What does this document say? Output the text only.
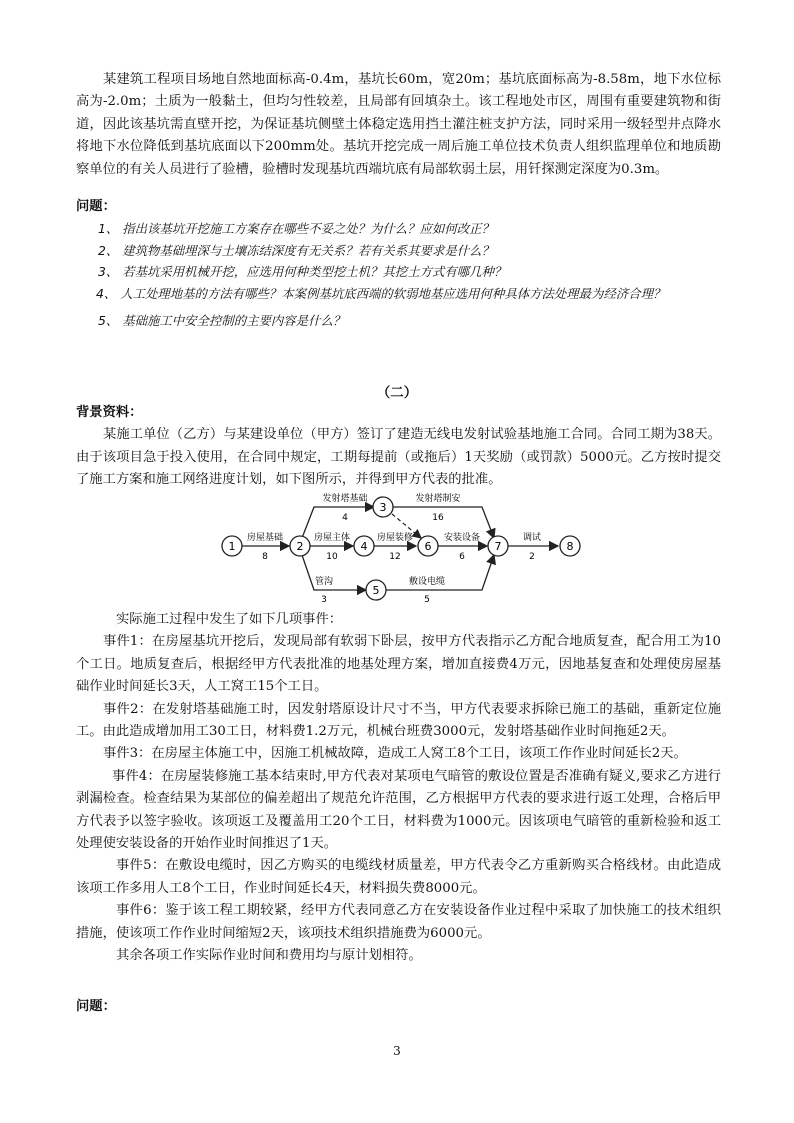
某建筑工程项目场地自然地面标高-0.4m，基坑长60m，宽20m；基坑底面标高为-8.58m，地下水位标高为-2.0m；土质为一般黏土，但均匀性较差，且局部有回填杂土。该工程地处市区，周围有重要建筑物和街道，因此该基坑需直壁开挖，为保证基坑侧壁土体稳定选用挡土灌注桩支护方法，同时采用一级轻型井点降水将地下水位降低到基坑底面以下200mm处。基坑开挖完成一周后施工单位技术负责人组织监理单位和地质勘察单位的有关人员进行了验槽，验槽时发现基坑西端坑底有局部软弱土层，用钎探测定深度为0.3m。

问题：

1、 指出该基坑开挖施工方案存在哪些不妥之处？为什么？应如何改正？

2、 建筑物基础埋深与土壤冻结深度有无关系？若有关系其要求是什么？

3、 若基坑采用机械开挖，应选用何种类型挖土机？其挖土方式有哪几种？

4、 人工处理地基的方法有哪些？本案例基坑底西端的软弱地基应选用何种具体方法处理最为经济合理？

5、 基础施工中安全控制的主要内容是什么？

（二）

背景资料：

某施工单位（乙方）与某建设单位（甲方）签订了建造无线电发射试验基地施工合同。合同工期为38天。由于该项目急于投入使用，在合同中规定，工期每提前（或拖后）1天奖励（或罚款）5000元。乙方按时提交了施工方案和施工网络进度计划，如下图所示，并得到甲方代表的批准。

1	2
3
4
5
6	7	8
房屋基础
8
发射塔基础
4
发射塔制安
16
房屋主体
10
房屋装修
12
安装设备
6
调试
2
管沟
3
敷设电缆
5

实际施工过程中发生了如下几项事件：

事件1：在房屋基坑开挖后，发现局部有软弱下卧层，按甲方代表指示乙方配合地质复查，配合用工为10个工日。地质复查后，根据经甲方代表批准的地基处理方案，增加直接费4万元，因地基复查和处理使房屋基础作业时间延长3天，人工窝工15个工日。

事件2：在发射塔基础施工时，因发射塔原设计尺寸不当，甲方代表要求拆除已施工的基础，重新定位施工。由此造成增加用工30工日，材料费1.2万元，机械台班费3000元，发射塔基础作业时间拖延2天。

事件3：在房屋主体施工中，因施工机械故障，造成工人窝工8个工日，该项工作作业时间延长2天。

事件4：在房屋装修施工基本结束时,甲方代表对某项电气暗管的敷设位置是否准确有疑义,要求乙方进行剥漏检查。检查结果为某部位的偏差超出了规范允许范围，乙方根据甲方代表的要求进行返工处理，合格后甲方代表予以签字验收。该项返工及覆盖用工20个工日，材料费为1000元。因该项电气暗管的重新检验和返工处理使安装设备的开始作业时间推迟了1天。

事件5：在敷设电缆时，因乙方购买的电缆线材质量差，甲方代表令乙方重新购买合格线材。由此造成该项工作多用人工8个工日，作业时间延长4天，材料损失费8000元。

事件6：鉴于该工程工期较紧，经甲方代表同意乙方在安装设备作业过程中采取了加快施工的技术组织措施，使该项工作作业时间缩短2天，该项技术组织措施费为6000元。

其余各项工作实际作业时间和费用均与原计划相符。

问题：

3
